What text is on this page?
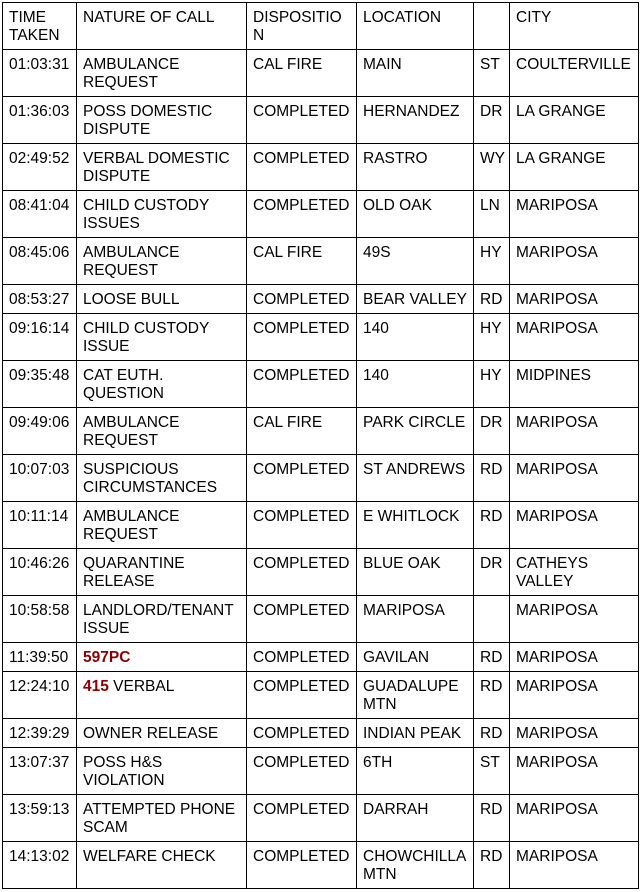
TIME TAKEN	NATURE OF CALL	DISPOSITION	LOCATION		CITY
01:03:31	AMBULANCE REQUEST	CAL FIRE	MAIN	ST	COULTERVILLE
01:36:03	POSS DOMESTIC DISPUTE	COMPLETED	HERNANDEZ	DR	LA GRANGE
02:49:52	VERBAL DOMESTIC DISPUTE	COMPLETED	RASTRO	WY	LA GRANGE
08:41:04	CHILD CUSTODY ISSUES	COMPLETED	OLD OAK	LN	MARIPOSA
08:45:06	AMBULANCE REQUEST	CAL FIRE	49S	HY	MARIPOSA
08:53:27	LOOSE BULL	COMPLETED	BEAR VALLEY	RD	MARIPOSA
09:16:14	CHILD CUSTODY ISSUE	COMPLETED	140	HY	MARIPOSA
09:35:48	CAT EUTH. QUESTION	COMPLETED	140	HY	MIDPINES
09:49:06	AMBULANCE REQUEST	CAL FIRE	PARK CIRCLE	DR	MARIPOSA
10:07:03	SUSPICIOUS CIRCUMSTANCES	COMPLETED	ST ANDREWS	RD	MARIPOSA
10:11:14	AMBULANCE REQUEST	COMPLETED	E WHITLOCK	RD	MARIPOSA
10:46:26	QUARANTINE RELEASE	COMPLETED	BLUE OAK	DR	CATHEYS VALLEY
10:58:58	LANDLORD/TENANT ISSUE	COMPLETED	MARIPOSA		MARIPOSA
11:39:50	597PC	COMPLETED	GAVILAN	RD	MARIPOSA
12:24:10	415 VERBAL	COMPLETED	GUADALUPE MTN	RD	MARIPOSA
12:39:29	OWNER RELEASE	COMPLETED	INDIAN PEAK	RD	MARIPOSA
13:07:37	POSS H&S VIOLATION	COMPLETED	6TH	ST	MARIPOSA
13:59:13	ATTEMPTED PHONE SCAM	COMPLETED	DARRAH	RD	MARIPOSA
14:13:02	WELFARE CHECK	COMPLETED	CHOWCHILLA MTN	RD	MARIPOSA
